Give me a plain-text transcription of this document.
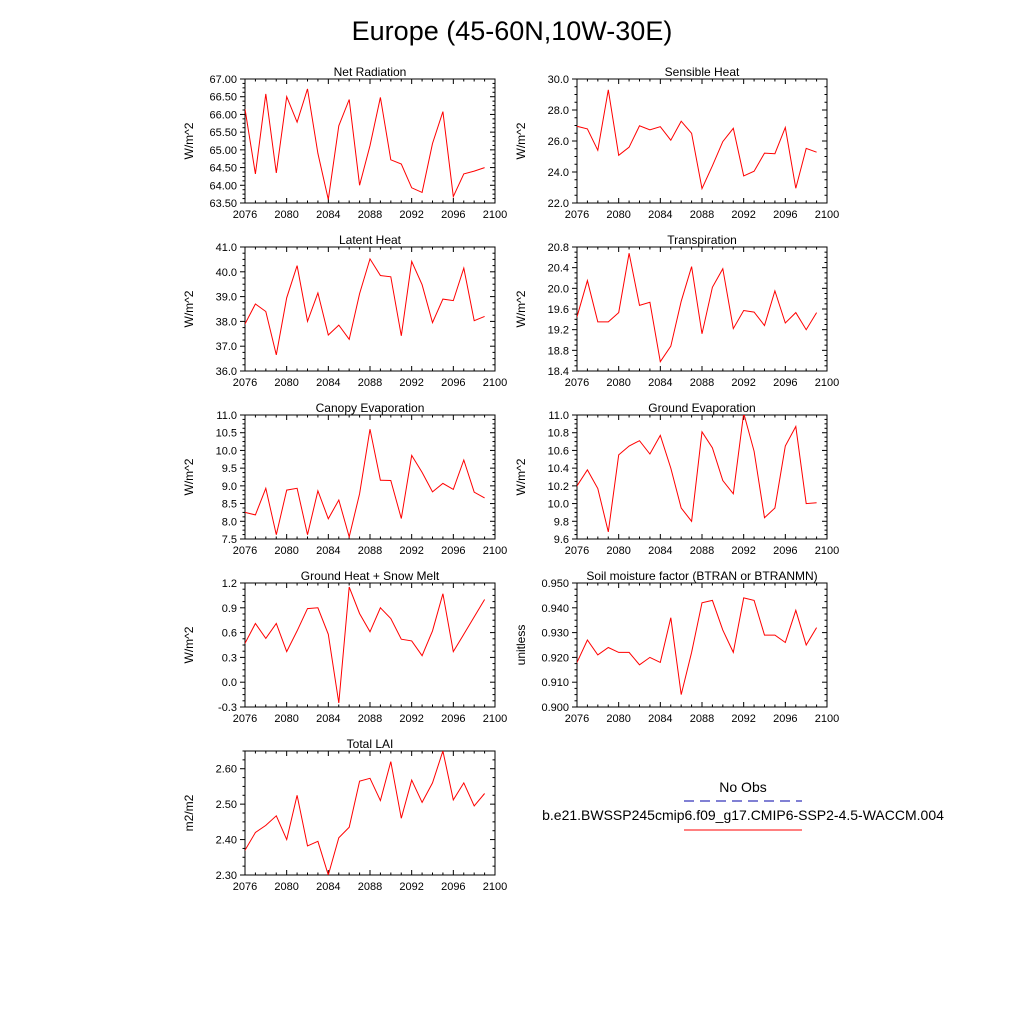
Europe (45-60N,10W-30E)
Net Radiation
W/m^2
2076 2080 2084 2088 2092 2096 2100
63.50
64.00
64.50
65.00
65.50
66.00
66.50
67.00
Sensible Heat
W/m^2
2076 2080 2084 2088 2092 2096 2100
22.0
24.0
26.0
28.0
30.0
Latent Heat
W/m^2
2076 2080 2084 2088 2092 2096 2100
36.0
37.0
38.0
39.0
40.0
41.0
Transpiration
W/m^2
2076 2080 2084 2088 2092 2096 2100
18.4
18.8
19.2
19.6
20.0
20.4
20.8
Canopy Evaporation
W/m^2
2076 2080 2084 2088 2092 2096 2100
7.5
8.0
8.5
9.0
9.5
10.0
10.5
11.0
Ground Evaporation
W/m^2
2076 2080 2084 2088 2092 2096 2100
9.6
9.8
10.0
10.2
10.4
10.6
10.8
11.0
Ground Heat + Snow Melt
W/m^2
2076 2080 2084 2088 2092 2096 2100
-0.3
0.0
0.3
0.6
0.9
1.2
Soil moisture factor (BTRAN or BTRANMN)
unitless
2076 2080 2084 2088 2092 2096 2100
0.900
0.910
0.920
0.930
0.940
0.950
Total LAI
m2/m2
2076 2080 2084 2088 2092 2096 2100
2.30
2.40
2.50
2.60
No Obs
b.e21.BWSSP245cmip6.f09_g17.CMIP6-SSP2-4.5-WACCM.004
